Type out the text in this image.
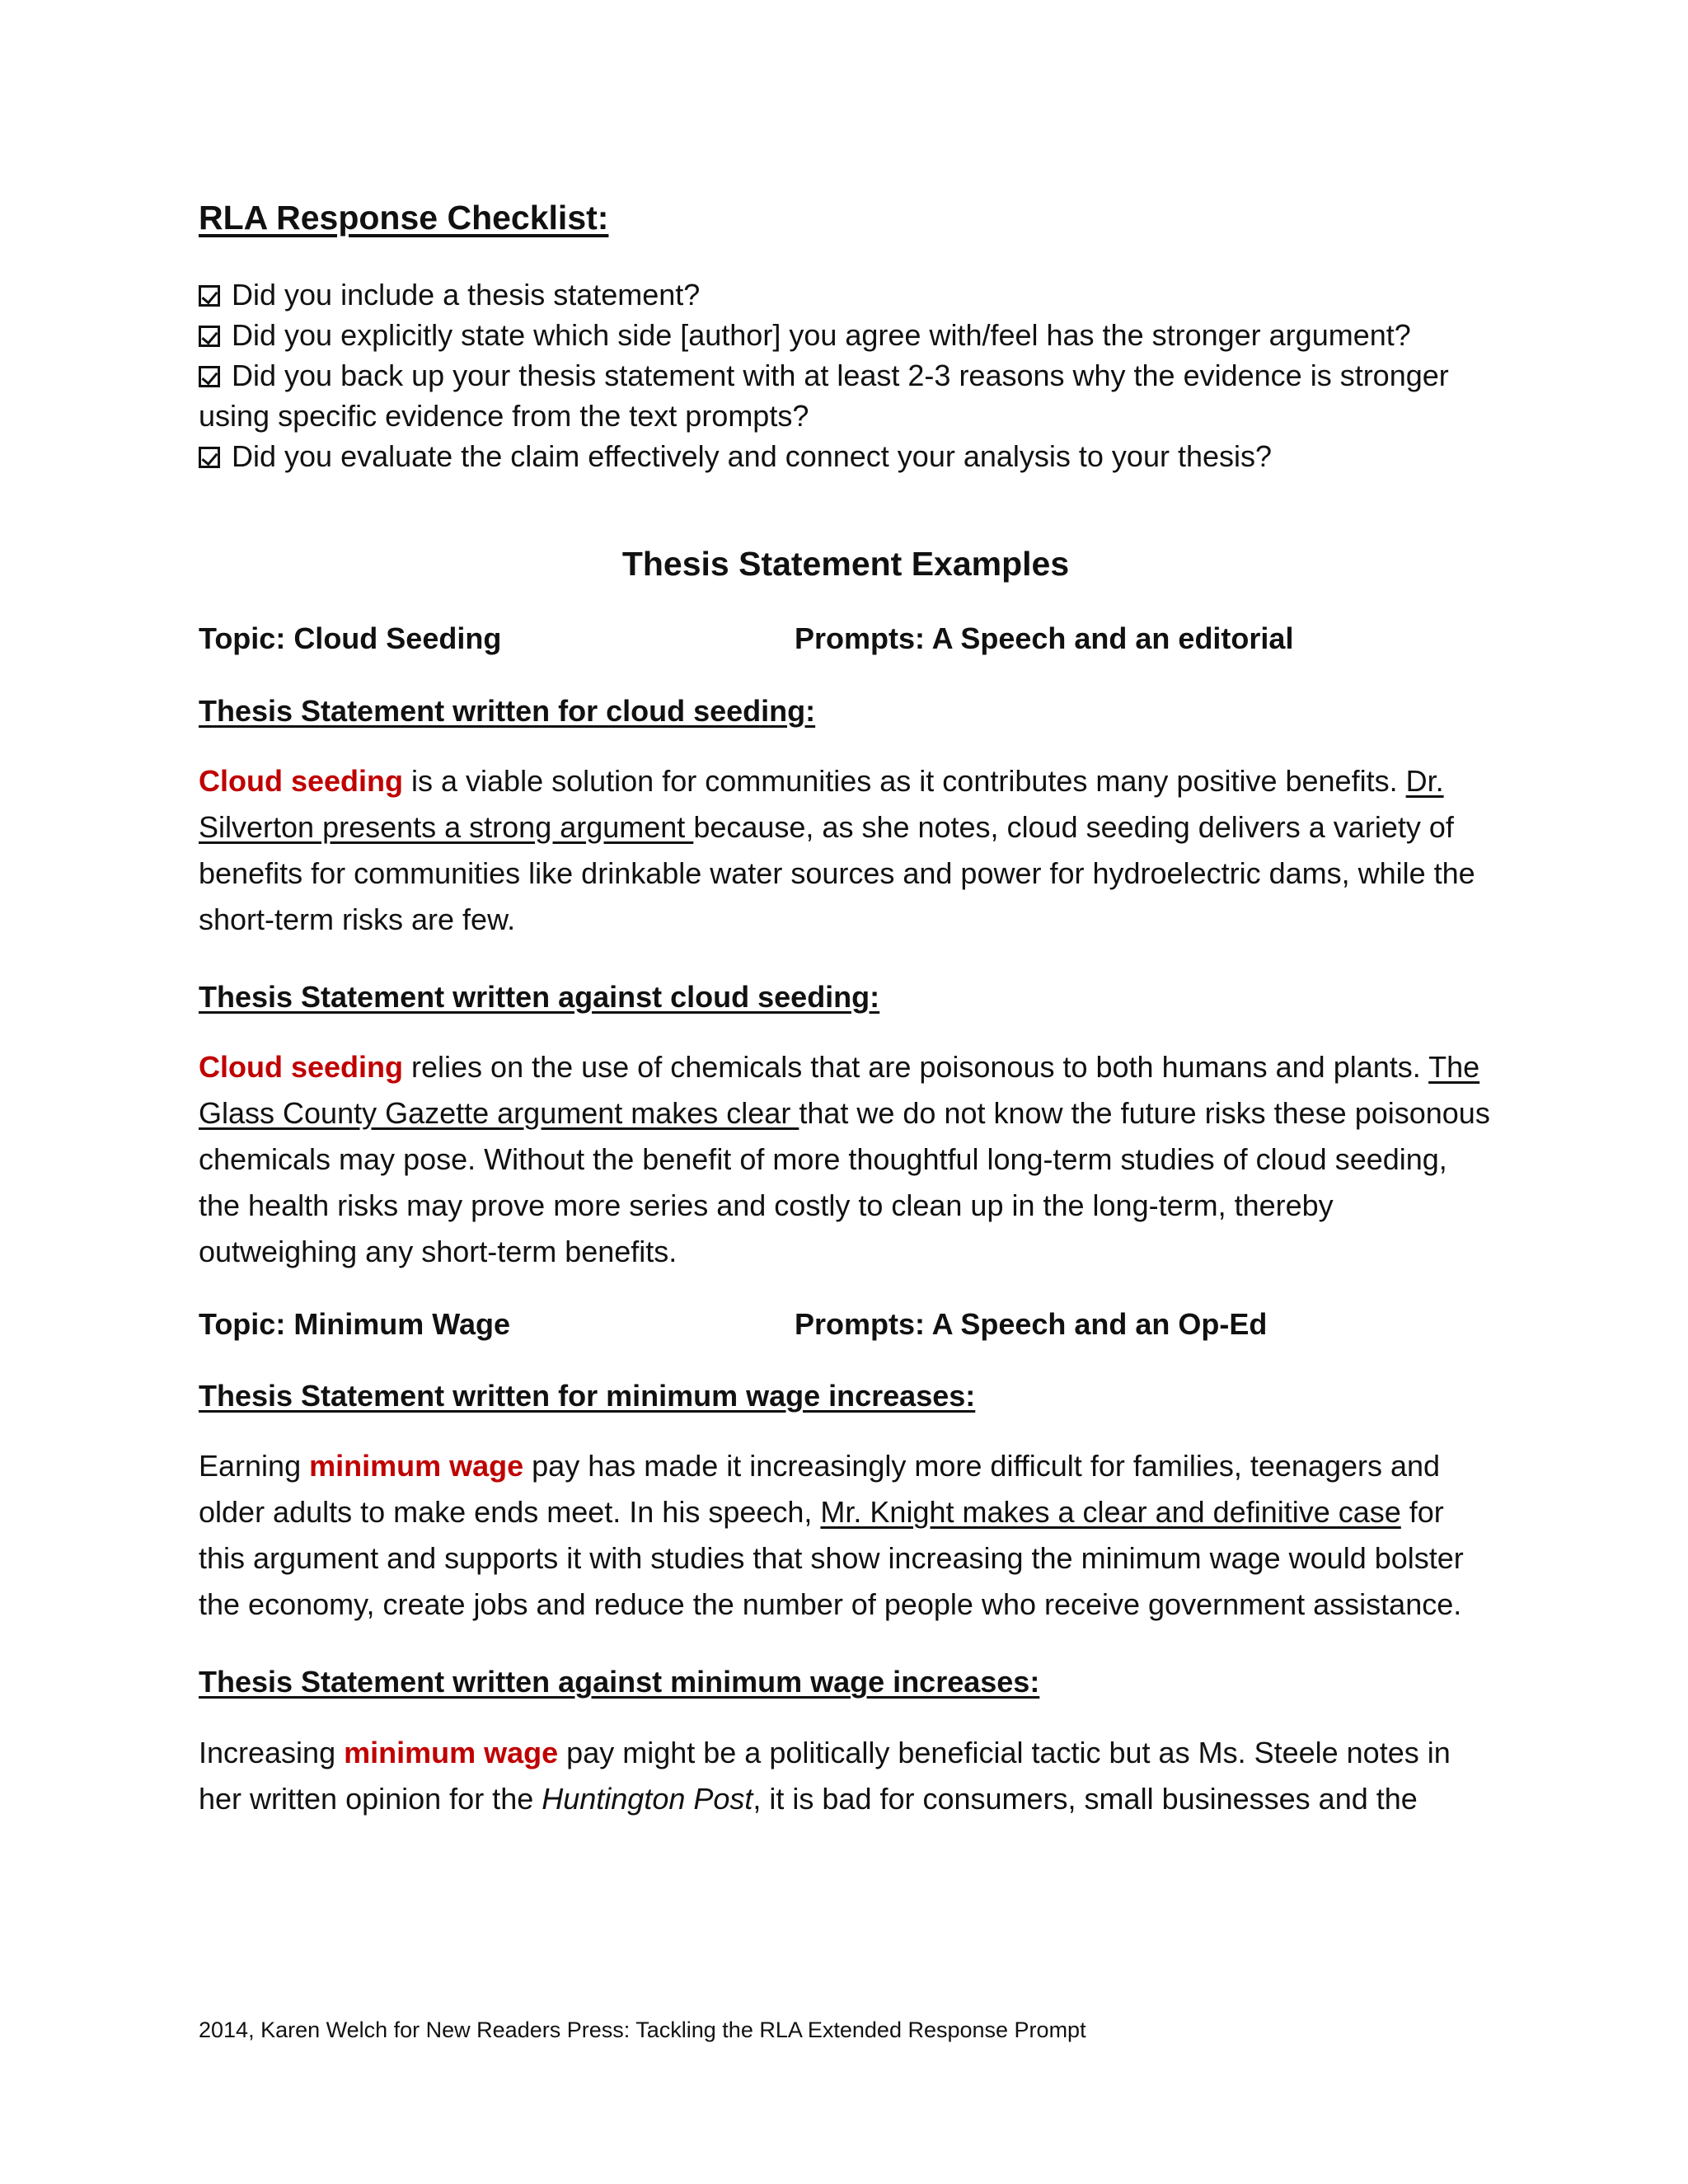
RLA Response Checklist:
Did you include a thesis statement?
Did you explicitly state which side [author] you agree with/feel has the stronger argument?
Did you back up your thesis statement with at least 2-3 reasons why the evidence is stronger using specific evidence from the text prompts?
Did you evaluate the claim effectively and connect your analysis to your thesis?
Thesis Statement Examples
Topic: Cloud Seeding	Prompts: A Speech and an editorial
Thesis Statement written for cloud seeding:

Cloud seeding is a viable solution for communities as it contributes many positive benefits. Dr. Silverton presents a strong argument because, as she notes, cloud seeding delivers a variety of benefits for communities like drinkable water sources and power for hydroelectric dams, while the short-term risks are few.

Thesis Statement written against cloud seeding:

Cloud seeding relies on the use of chemicals that are poisonous to both humans and plants. The Glass County Gazette argument makes clear that we do not know the future risks these poisonous chemicals may pose. Without the benefit of more thoughtful long-term studies of cloud seeding, the health risks may prove more series and costly to clean up in the long-term, thereby outweighing any short-term benefits.

Topic: Minimum Wage	Prompts: A Speech and an Op-Ed
Thesis Statement written for minimum wage increases:

Earning minimum wage pay has made it increasingly more difficult for families, teenagers and older adults to make ends meet. In his speech, Mr. Knight makes a clear and definitive case for this argument and supports it with studies that show increasing the minimum wage would bolster the economy, create jobs and reduce the number of people who receive government assistance.

Thesis Statement written against minimum wage increases:

Increasing minimum wage pay might be a politically beneficial tactic but as Ms. Steele notes in her written opinion for the Huntington Post, it is bad for consumers, small businesses and the

2014, Karen Welch for New Readers Press: Tackling the RLA Extended Response Prompt
